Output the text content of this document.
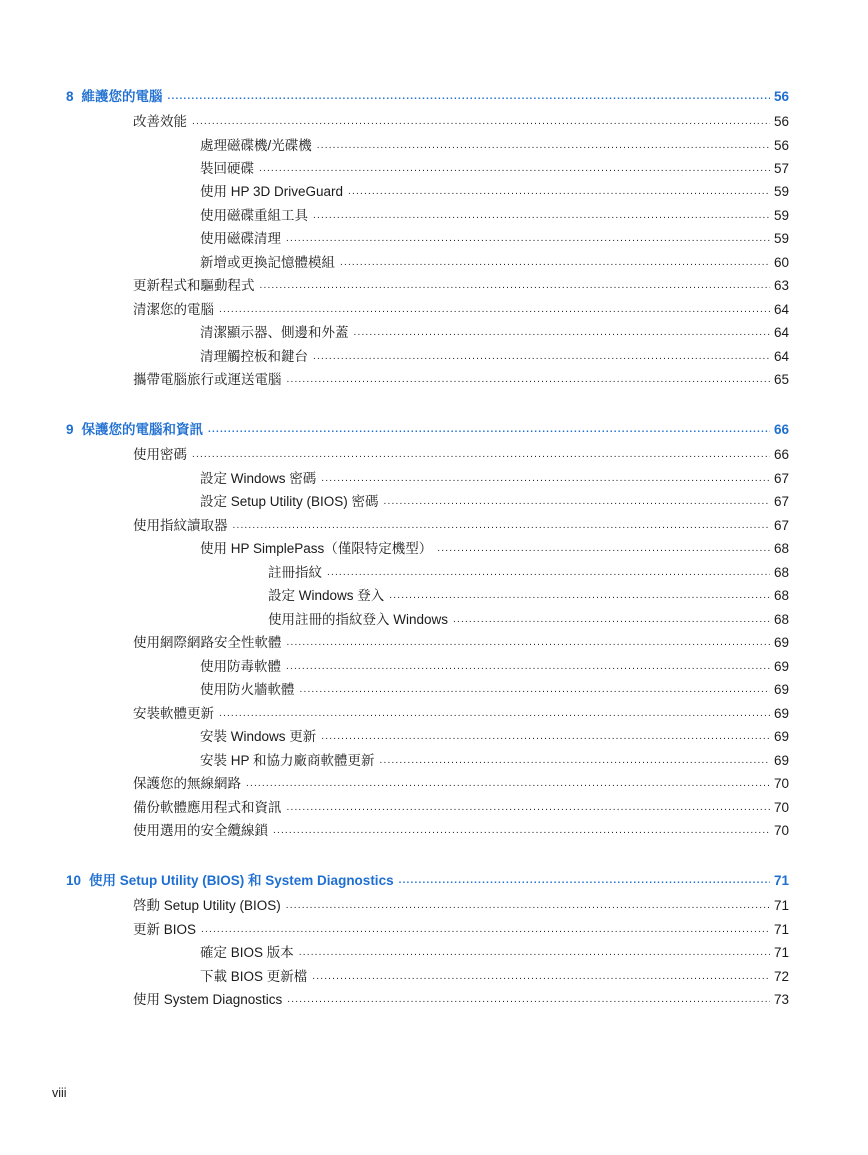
8 維護您的電腦 .....	56
改善效能 .....	56
處理磁碟機/光碟機 .....	56
裝回硬碟 .....	57
使用 HP 3D DriveGuard .....	59
使用磁碟重組工具 .....	59
使用磁碟清理 .....	59
新增或更換記憶體模組 .....	60
更新程式和驅動程式 .....	63
清潔您的電腦 .....	64
清潔顯示器、側邊和外蓋 .....	64
清理觸控板和鍵台 .....	64
攜帶電腦旅行或運送電腦 .....	65
9 保護您的電腦和資訊 .....	66
使用密碼 .....	66
設定 Windows 密碼 .....	67
設定 Setup Utility (BIOS) 密碼 .....	67
使用指紋讀取器 .....	67
使用 HP SimplePass（僅限特定機型） .....	68
註冊指紋 .....	68
設定 Windows 登入 .....	68
使用註冊的指紋登入 Windows .....	68
使用網際網路安全性軟體 .....	69
使用防毒軟體 .....	69
使用防火牆軟體 .....	69
安裝軟體更新 .....	69
安裝 Windows 更新 .....	69
安裝 HP 和協力廠商軟體更新 .....	69
保護您的無線網路 .....	70
備份軟體應用程式和資訊 .....	70
使用選用的安全纜線鎖 .....	70
10 使用 Setup Utility (BIOS) 和 System Diagnostics .....	71
啓動 Setup Utility (BIOS) .....	71
更新 BIOS .....	71
確定 BIOS 版本 .....	71
下載 BIOS 更新檔 .....	72
使用 System Diagnostics .....	73
viii
